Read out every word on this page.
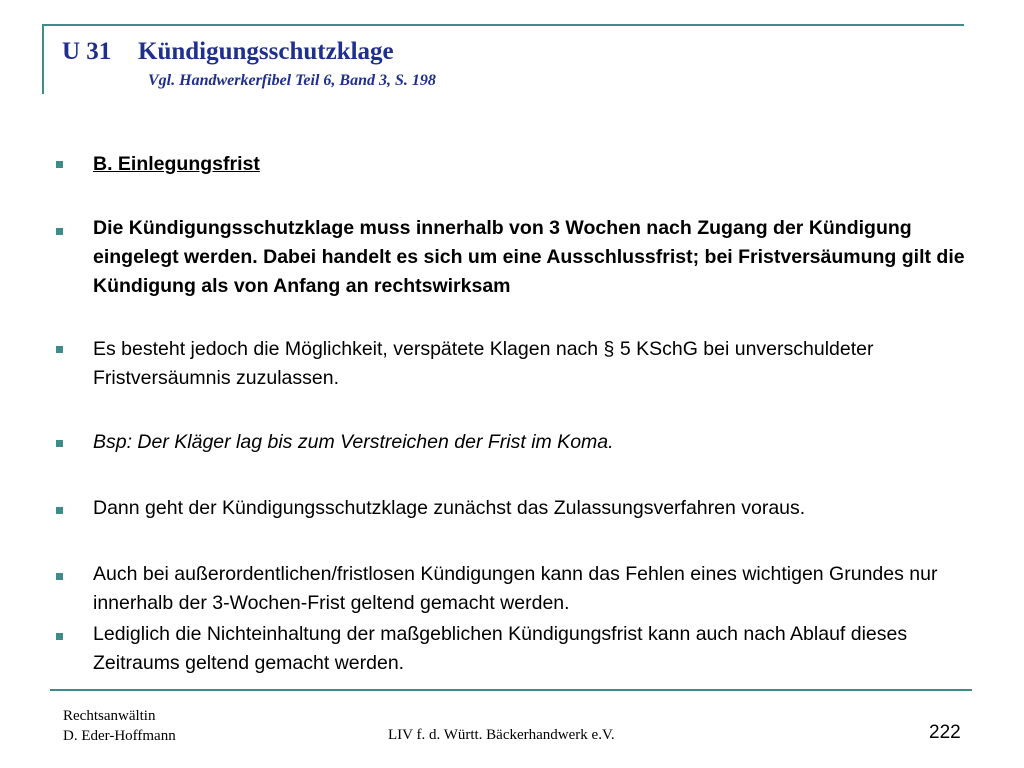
U 31 Kündigungsschutzklage
Vgl. Handwerkerfibel Teil 6, Band 3, S. 198
B. Einlegungsfrist
Die Kündigungsschutzklage muss innerhalb von 3 Wochen nach Zugang der Kündigung eingelegt werden. Dabei handelt es sich um eine Ausschlussfrist; bei Fristversäumung gilt die Kündigung als von Anfang an rechtswirksam
Es besteht jedoch die Möglichkeit, verspätete Klagen nach § 5 KSchG bei unverschuldeter Fristversäumnis zuzulassen.
Bsp: Der Kläger lag bis zum Verstreichen der Frist im Koma.
Dann geht der Kündigungsschutzklage zunächst das Zulassungsverfahren voraus.
Auch bei außerordentlichen/fristlosen Kündigungen kann das Fehlen eines wichtigen Grundes nur innerhalb der 3-Wochen-Frist geltend gemacht werden.
Lediglich die Nichteinhaltung der maßgeblichen Kündigungsfrist kann auch nach Ablauf dieses Zeitraums geltend gemacht werden.
Rechtsanwältin
D. Eder-Hoffmann	LIV f. d. Württ. Bäckerhandwerk e.V.	222
